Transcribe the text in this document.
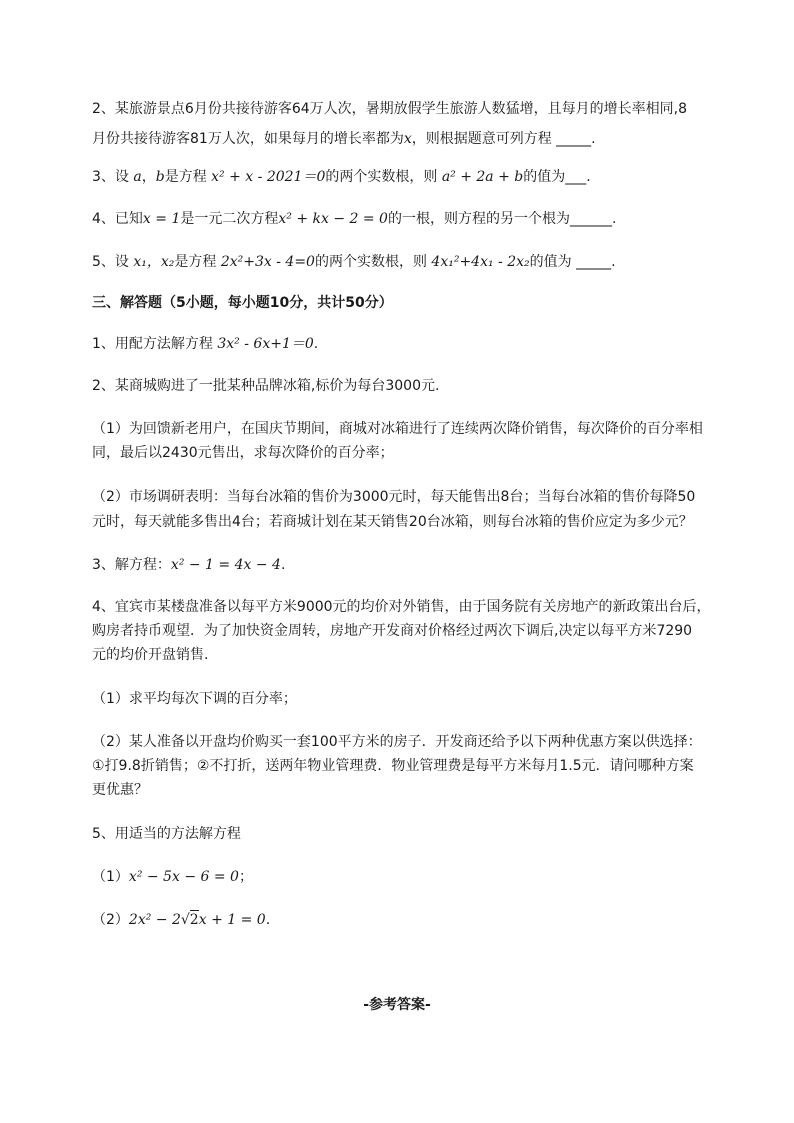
2、某旅游景点6月份共接待游客64万人次，暑期放假学生旅游人数猛增，且每月的增长率相同,8
月份共接待游客81万人次，如果每月的增长率都为x，则根据题意可列方程 _____.
3、设 a，b是方程 x² + x - 2021＝0的两个实数根，则 a² + 2a + b的值为___.
4、已知x = 1是一元二次方程x² + kx − 2 = 0的一根，则方程的另一个根为______.
5、设 x₁，x₂是方程 2x²+3x - 4=0的两个实数根，则 4x₁²+4x₁ - 2x₂的值为 _____.
三、解答题（5小题，每小题10分，共计50分）
1、用配方法解方程 3x² - 6x+1＝0.
2、某商城购进了一批某种品牌冰箱,标价为每台3000元.
（1）为回馈新老用户，在国庆节期间，商城对冰箱进行了连续两次降价销售，每次降价的百分率相
同，最后以2430元售出，求每次降价的百分率；
（2）市场调研表明：当每台冰箱的售价为3000元时，每天能售出8台；当每台冰箱的售价每降50
元时，每天就能多售出4台；若商城计划在某天销售20台冰箱，则每台冰箱的售价应定为多少元？
3、解方程：x² − 1 = 4x − 4.
4、宜宾市某楼盘准备以每平方米9000元的均价对外销售，由于国务院有关房地产的新政策出台后，
购房者持币观望．为了加快资金周转，房地产开发商对价格经过两次下调后,决定以每平方米7290
元的均价开盘销售.
（1）求平均每次下调的百分率；
（2）某人准备以开盘均价购买一套100平方米的房子．开发商还给予以下两种优惠方案以供选择：
①打9.8折销售；②不打折，送两年物业管理费．物业管理费是每平方米每月1.5元．请问哪种方案
更优惠？
5、用适当的方法解方程
（1）x² − 5x − 6 = 0；
（2）2x² − 2√2x + 1 = 0.
-参考答案-
